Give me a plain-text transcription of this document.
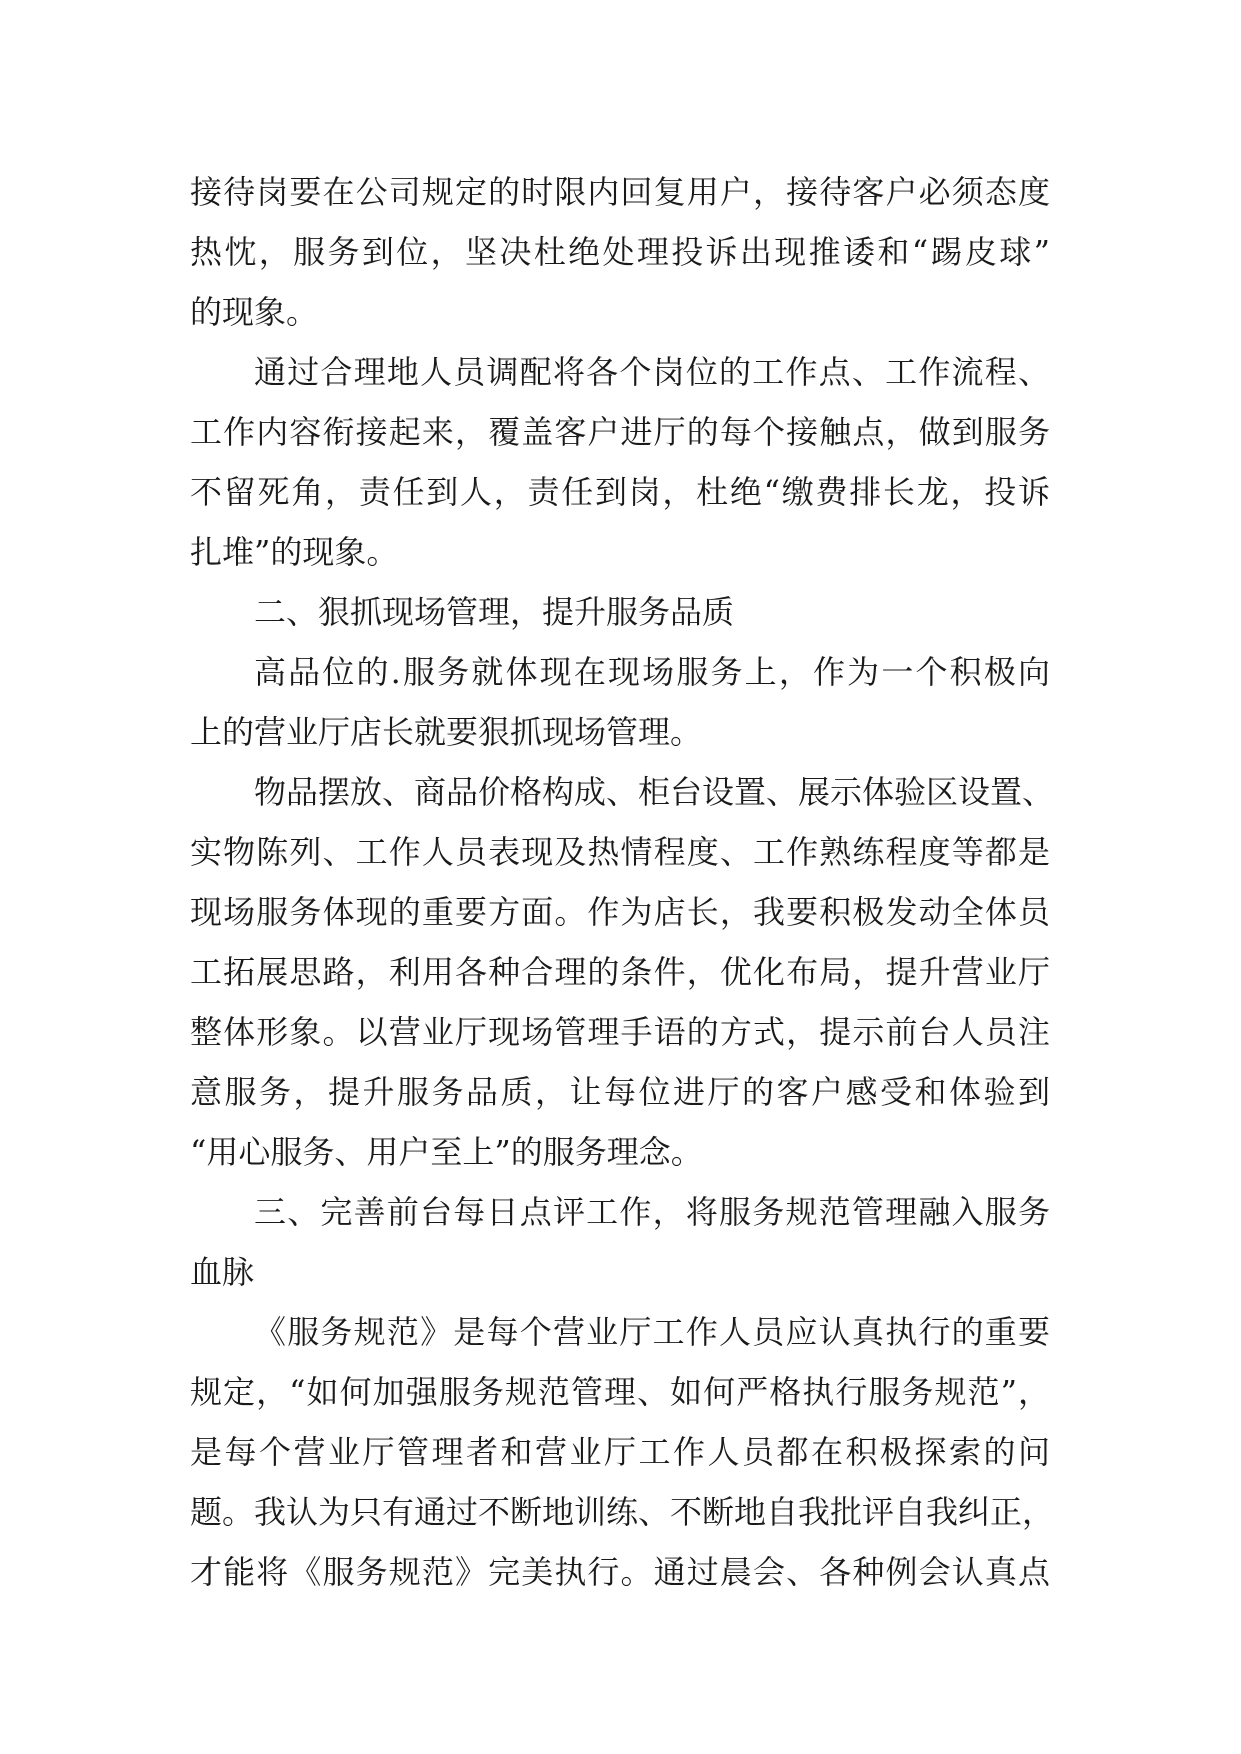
接待岗要在公司规定的时限内回复用户，接待客户必须态度
热忱，服务到位，坚决杜绝处理投诉出现推诿和“踢皮球”
的现象。
通过合理地人员调配将各个岗位的工作点、工作流程、
工作内容衔接起来，覆盖客户进厅的每个接触点，做到服务
不留死角，责任到人，责任到岗，杜绝“缴费排长龙，投诉
扎堆”的现象。
二、狠抓现场管理，提升服务品质
高品位的.服务就体现在现场服务上，作为一个积极向
上的营业厅店长就要狠抓现场管理。
物品摆放、商品价格构成、柜台设置、展示体验区设置、
实物陈列、工作人员表现及热情程度、工作熟练程度等都是
现场服务体现的重要方面。作为店长，我要积极发动全体员
工拓展思路，利用各种合理的条件，优化布局，提升营业厅
整体形象。以营业厅现场管理手语的方式，提示前台人员注
意服务，提升服务品质，让每位进厅的客户感受和体验到
“用心服务、用户至上”的服务理念。
三、完善前台每日点评工作，将服务规范管理融入服务
血脉
《服务规范》是每个营业厅工作人员应认真执行的重要
规定，“如何加强服务规范管理、如何严格执行服务规范”，
是每个营业厅管理者和营业厅工作人员都在积极探索的问
题。我认为只有通过不断地训练、不断地自我批评自我纠正，
才能将《服务规范》完美执行。通过晨会、各种例会认真点
